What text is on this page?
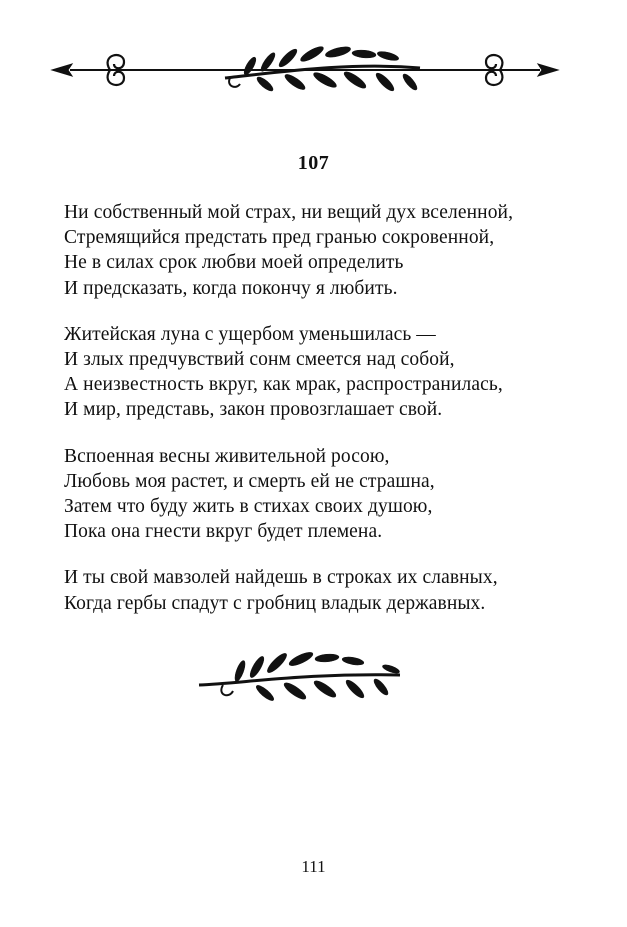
107
Ни собственный мой страх, ни вещий дух вселенной,
Стремящийся предстать пред гранью сокровенной,
Не в силах срок любви моей определить
И предсказать, когда покончу я любить.
Житейская луна с ущербом уменьшилась —
И злых предчувствий сонм смеется над собой,
А неизвестность вкруг, как мрак, распространилась,
И мир, представь, закон провозглашает свой.
Вспоенная весны живительной росою,
Любовь моя растет, и смерть ей не страшна,
Затем что буду жить в стихах своих душою,
Пока она гнести вкруг будет племена.
И ты свой мавзолей найдешь в строках их славных,
Когда гербы спадут с гробниц владык державных.
111
